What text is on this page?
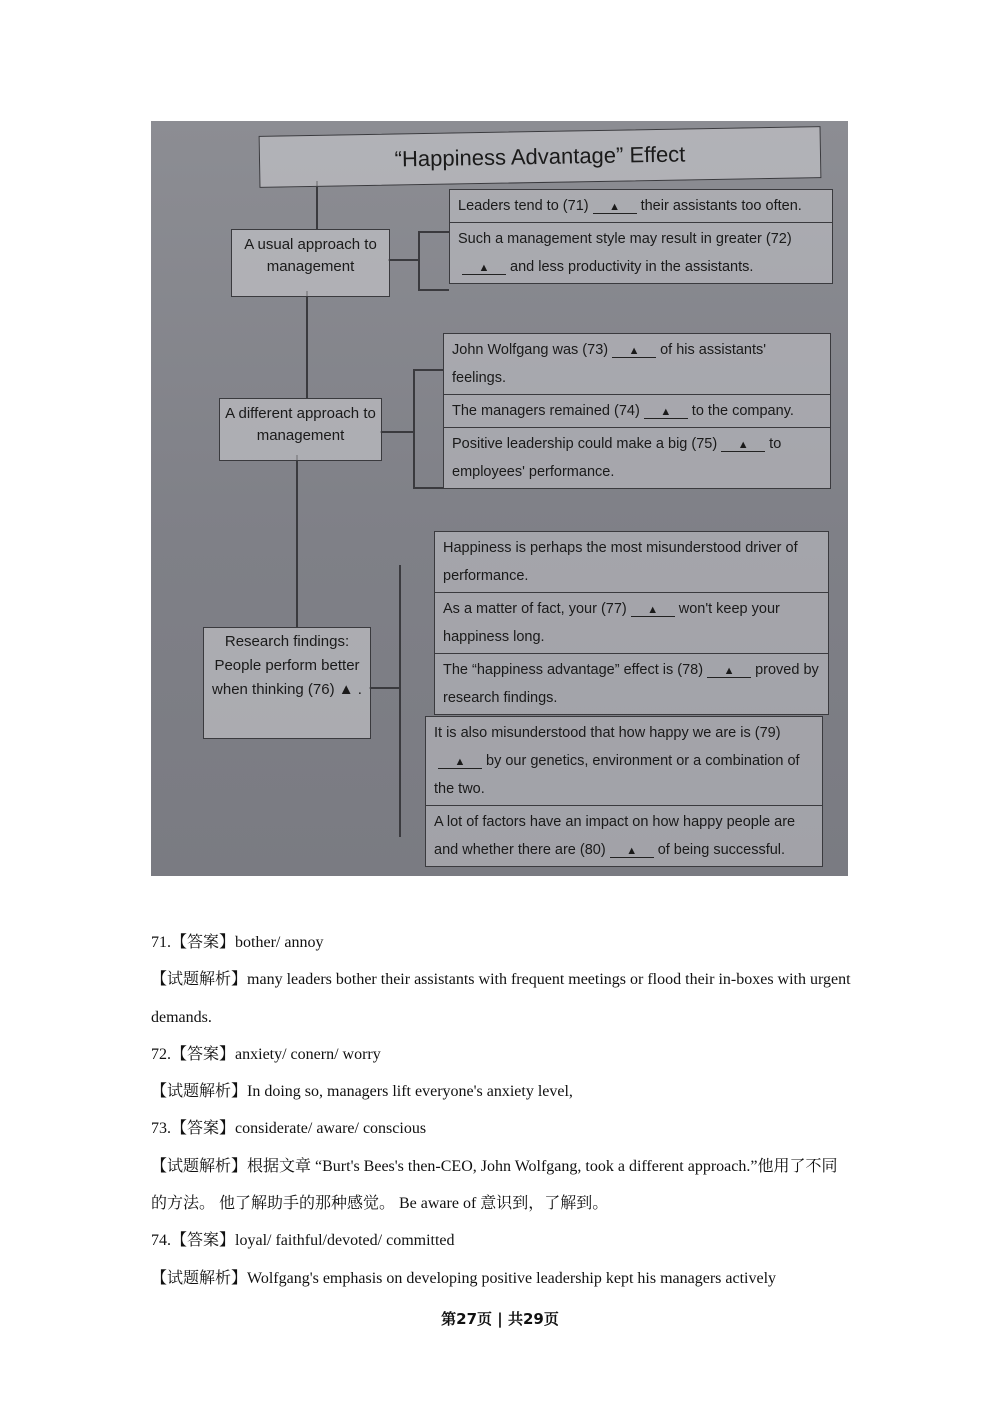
“Happiness Advantage” Effect
A usual approach to management
A different approach to management
Research findings: People perform better when thinking (76) ▲ .
Leaders tend to (71) ▲ their assistants too often.
Such a management style may result in greater (72)▲ and less productivity in the assistants.
John Wolfgang was (73) ▲ of his assistants' feelings.
The managers remained (74) ▲ to the company.
Positive leadership could make a big (75) ▲ to employees' performance.
Happiness is perhaps the most misunderstood driver of performance.
As a matter of fact, your (77) ▲ won't keep your happiness long.
The “happiness advantage” effect is (78) ▲ proved by research findings.
It is also misunderstood that how happy we are is (79)▲ by our genetics, environment or a combination of the two.
A lot of factors have an impact on how happy people are and whether there are (80) ▲ of being successful.

71.【答案】bother/ annoy

【试题解析】many leaders bother their assistants with frequent meetings or flood their in-boxes with urgent demands.

72.【答案】anxiety/ conern/ worry

【试题解析】In doing so, managers lift everyone's anxiety level,

73.【答案】considerate/ aware/ conscious

【试题解析】根据文章 “Burt's Bees's then-CEO, John Wolfgang, took a different approach.”他用了不同的方法。 他了解助手的那种感觉。 Be aware of 意识到，了解到。

74.【答案】loyal/ faithful/devoted/ committed

【试题解析】Wolfgang's emphasis on developing positive leadership kept his managers actively

第27页 | 共29页
